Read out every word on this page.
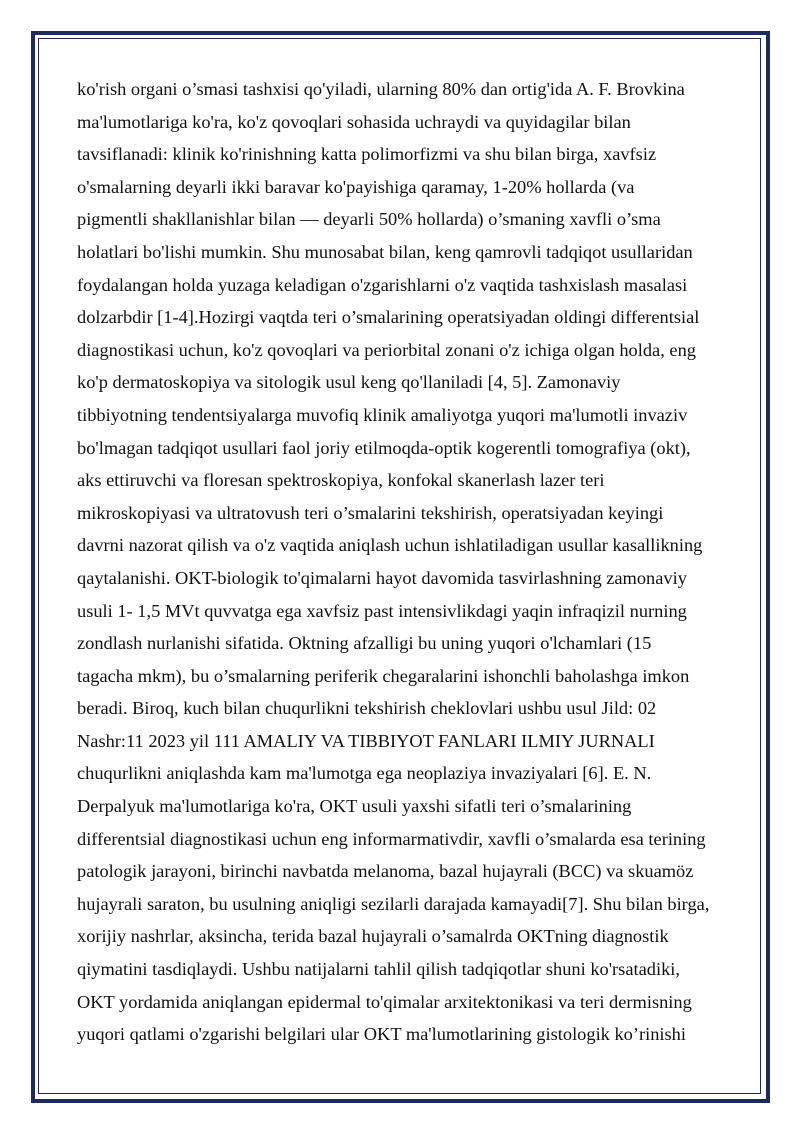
ko'rish organi o’smasi tashxisi qo'yiladi, ularning 80% dan ortig'ida A. F. Brovkina
ma'lumotlariga ko'ra, ko'z qovoqlari sohasida uchraydi va quyidagilar bilan
tavsiflanadi: klinik ko'rinishning katta polimorfizmi va shu bilan birga, xavfsiz
o'smalarning deyarli ikki baravar ko'payishiga qaramay, 1-20% hollarda (va
pigmentli shakllanishlar bilan — deyarli 50% hollarda) o’smaning xavfli o’sma
holatlari bo'lishi mumkin. Shu munosabat bilan, keng qamrovli tadqiqot usullaridan
foydalangan holda yuzaga keladigan o'zgarishlarni o'z vaqtida tashxislash masalasi
dolzarbdir [1-4].Hozirgi vaqtda teri o’smalarining operatsiyadan oldingi differentsial
diagnostikasi uchun, ko'z qovoqlari va periorbital zonani o'z ichiga olgan holda, eng
ko'p dermatoskopiya va sitologik usul keng qo'llaniladi [4, 5]. Zamonaviy
tibbiyotning tendentsiyalarga muvofiq klinik amaliyotga yuqori ma'lumotli invaziv
bo'lmagan tadqiqot usullari faol joriy etilmoqda-optik kogerentli tomografiya (okt),
aks ettiruvchi va floresan spektroskopiya, konfokal skanerlash lazer teri
mikroskopiyasi va ultratovush teri o’smalarini tekshirish, operatsiyadan keyingi
davrni nazorat qilish va o'z vaqtida aniqlash uchun ishlatiladigan usullar kasallikning
qaytalanishi. OKT-biologik to'qimalarni hayot davomida tasvirlashning zamonaviy
usuli 1- 1,5 MVt quvvatga ega xavfsiz past intensivlikdagi yaqin infraqizil nurning
zondlash nurlanishi sifatida. Oktning afzalligi bu uning yuqori o'lchamlari (15
tagacha mkm), bu o’smalarning periferik chegaralarini ishonchli baholashga imkon
beradi. Biroq, kuch bilan chuqurlikni tekshirish cheklovlari ushbu usul Jild: 02
Nashr:11 2023 yil 111 AMALIY VA TIBBIYOT FANLARI ILMIY JURNALI
chuqurlikni aniqlashda kam ma'lumotga ega neoplaziya invaziyalari [6]. E. N.
Derpalyuk ma'lumotlariga ko'ra, OKT usuli yaxshi sifatli teri o’smalarining
differentsial diagnostikasi uchun eng informarmativdir, xavfli o’smalarda esa terining
patologik jarayoni, birinchi navbatda melanoma, bazal hujayrali (BCC) va skuamöz
hujayrali saraton, bu usulning aniqligi sezilarli darajada kamayadi[7]. Shu bilan birga,
xorijiy nashrlar, aksincha, terida bazal hujayrali o’samalrda OKTning diagnostik
qiymatini tasdiqlaydi. Ushbu natijalarni tahlil qilish tadqiqotlar shuni ko'rsatadiki,
OKT yordamida aniqlangan epidermal to'qimalar arxitektonikasi va teri dermisning
yuqori qatlami o'zgarishi belgilari ular OKT ma'lumotlarining gistologik ko’rinishi
